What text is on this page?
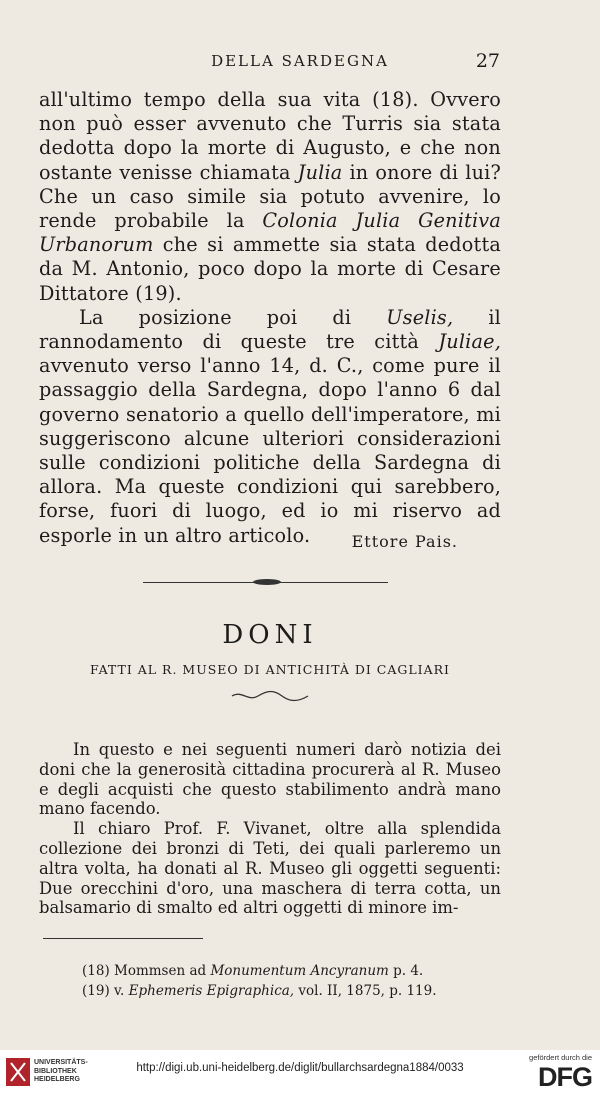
DELLA SARDEGNA	27

all'ultimo tempo della sua vita (18). Ovvero non può esser avvenuto che Turris sia stata dedotta dopo la morte di Augusto, e che non ostante venisse chiamata Julia in onore di lui? Che un caso simile sia potuto avvenire, lo rende probabile la Colonia Julia Genitiva Urbanorum che si ammette sia stata dedotta da M. Antonio, poco dopo la morte di Cesare Dittatore (19).

La posizione poi di Uselis, il rannodamento di queste tre città Juliae, avvenuto verso l'anno 14, d. C., come pure il passaggio della Sardegna, dopo l'anno 6 dal governo senatorio a quello dell'imperatore, mi suggeriscono alcune ulteriori considerazioni sulle condizioni politiche della Sardegna di allora. Ma queste condizioni qui sarebbero, forse, fuori di luogo, ed io mi riservo ad esporle in un altro articolo.	Ettore Pais.
DONI
FATTI AL R. MUSEO DI ANTICHITÀ DI CAGLIARI

In questo e nei seguenti numeri darò notizia dei doni che la generosità cittadina procurerà al R. Museo e degli acquisti che questo stabilimento andrà mano mano facendo.

Il chiaro Prof. F. Vivanet, oltre alla splendida collezione dei bronzi di Teti, dei quali parleremo un altra volta, ha donati al R. Museo gli oggetti seguenti: Due orecchini d'oro, una maschera di terra cotta, un balsamario di smalto ed altri oggetti di minore im-

(18) Mommsen ad Monumentum Ancyranum p. 4.
(19) v. Ephemeris Epigraphica, vol. II, 1875, p. 119.
UNIVERSITÄTS-
BIBLIOTHEK
HEIDELBERG
http://digi.ub.uni-heidelberg.de/diglit/bullarchsardegna1884/0033
gefördert durch die
DFG
